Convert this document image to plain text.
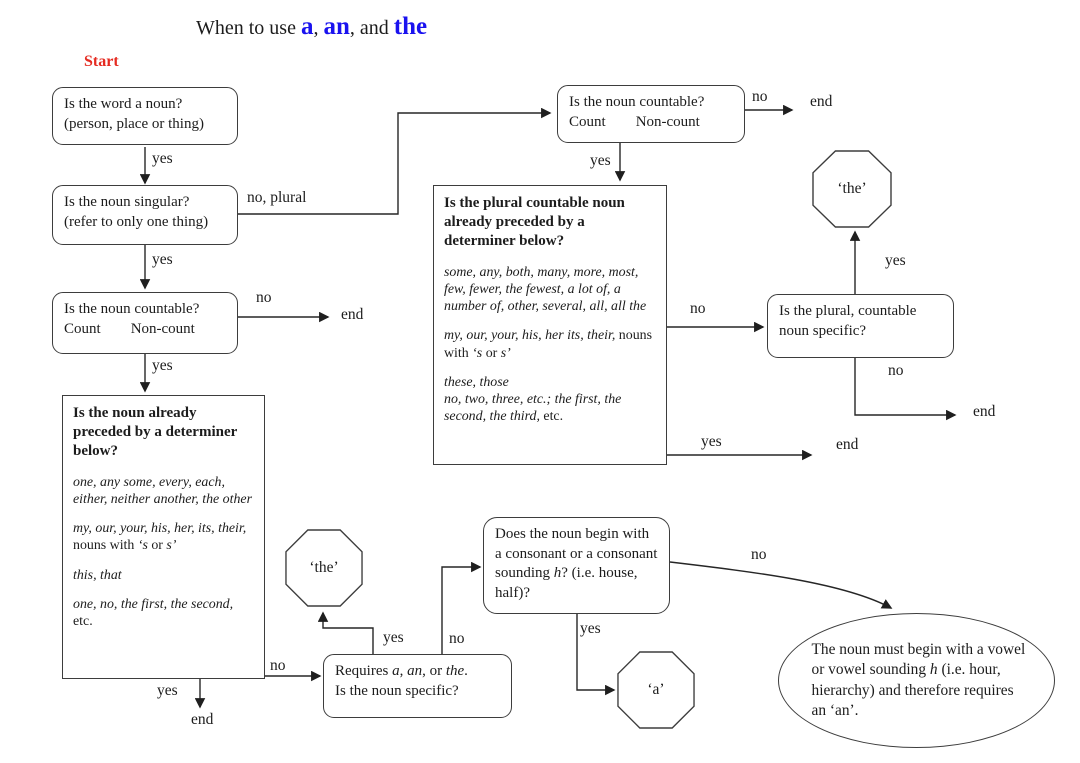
When to use a, an, and the
Start
Is the word a noun?
(person, place or thing)
Is the noun singular?
(refer to only one thing)
Is the noun countable?
Count Non-count
Is the noun already preceded by a determiner below?
one, any some, every, each, either, neither another, the other
my, our, your, his, her, its, their, nouns with ‘s or s’
this, that
one, no, the first, the second, etc.
Is the noun countable?
Count Non-count
Is the plural countable noun already preceded by a determiner below?
some, any, both, many, more, most, few, fewer, the fewest, a lot of, a number of, other, several, all, all the
my, our, your, his, her its, their, nouns with ‘s or s’
these, those
no, two, three, etc.; the first, the second, the third, etc.
Is the plural, countable noun specific?
Requires a, an, or the.
Is the noun specific?
Does the noun begin with a consonant or a consonant sounding h? (i.e. house, half)?
‘the’
‘the’
‘a’
The noun must begin with a vowel or vowel sounding h (i.e. hour, hierarchy) and therefore requires an ‘an’.
yes
no, plural
yes
no
end
yes
yes
end
no
yes	no
yes
no
no	end
yes
no
yes	end
yes
no
end
